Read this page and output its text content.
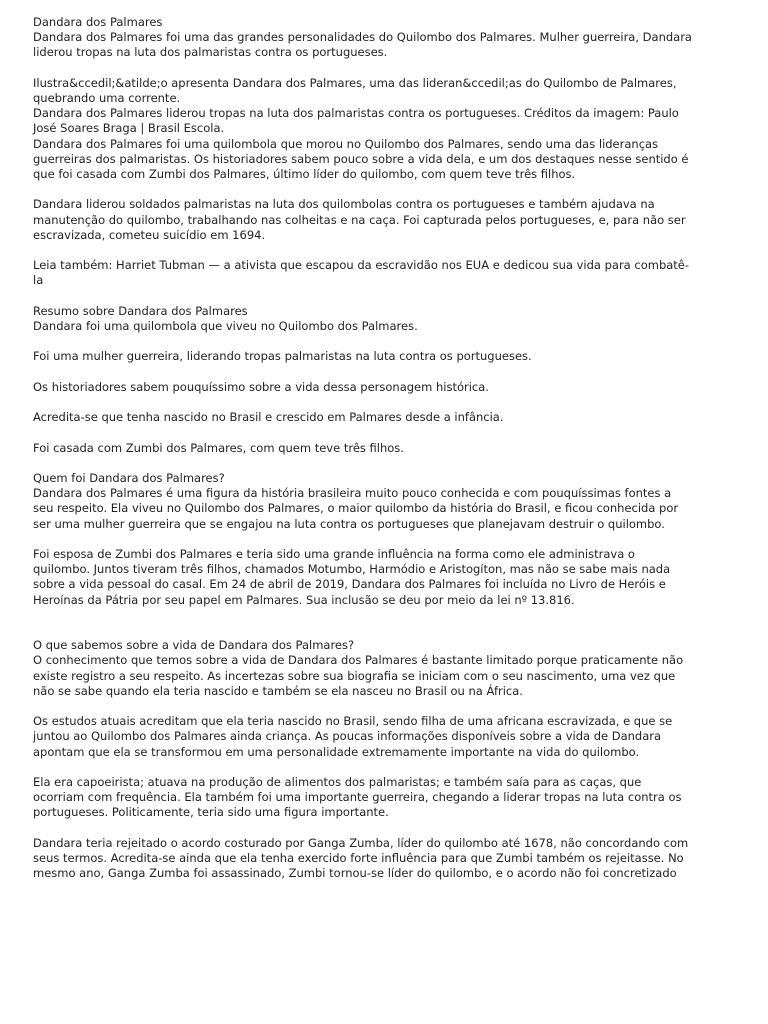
Dandara dos Palmares

Dandara dos Palmares foi uma das grandes personalidades do Quilombo dos Palmares. Mulher guerreira, Dandara liderou tropas na luta dos palmaristas contra os portugueses.

Ilustra&ccedil;&atilde;o apresenta Dandara dos Palmares, uma das lideran&ccedil;as do Quilombo de Palmares, quebrando uma corrente.

Dandara dos Palmares liderou tropas na luta dos palmaristas contra os portugueses. Créditos da imagem: Paulo José Soares Braga | Brasil Escola.

Dandara dos Palmares foi uma quilombola que morou no Quilombo dos Palmares, sendo uma das lideranças guerreiras dos palmaristas. Os historiadores sabem pouco sobre a vida dela, e um dos destaques nesse sentido é que foi casada com Zumbi dos Palmares, último líder do quilombo, com quem teve três filhos.

Dandara liderou soldados palmaristas na luta dos quilombolas contra os portugueses e também ajudava na manutenção do quilombo, trabalhando nas colheitas e na caça. Foi capturada pelos portugueses, e, para não ser escravizada, cometeu suicídio em 1694.

Leia também: Harriet Tubman — a ativista que escapou da escravidão nos EUA e dedicou sua vida para combatê-la

Resumo sobre Dandara dos Palmares

Dandara foi uma quilombola que viveu no Quilombo dos Palmares.

Foi uma mulher guerreira, liderando tropas palmaristas na luta contra os portugueses.

Os historiadores sabem pouquíssimo sobre a vida dessa personagem histórica.

Acredita-se que tenha nascido no Brasil e crescido em Palmares desde a infância.

Foi casada com Zumbi dos Palmares, com quem teve três filhos.

Quem foi Dandara dos Palmares?

Dandara dos Palmares é uma figura da história brasileira muito pouco conhecida e com pouquíssimas fontes a seu respeito. Ela viveu no Quilombo dos Palmares, o maior quilombo da história do Brasil, e ficou conhecida por ser uma mulher guerreira que se engajou na luta contra os portugueses que planejavam destruir o quilombo.

Foi esposa de Zumbi dos Palmares e teria sido uma grande influência na forma como ele administrava o quilombo. Juntos tiveram três filhos, chamados Motumbo, Harmódio e Aristogíton, mas não se sabe mais nada sobre a vida pessoal do casal. Em 24 de abril de 2019, Dandara dos Palmares foi incluída no Livro de Heróis e Heroínas da Pátria por seu papel em Palmares. Sua inclusão se deu por meio da lei nº 13.816.

O que sabemos sobre a vida de Dandara dos Palmares?

O conhecimento que temos sobre a vida de Dandara dos Palmares é bastante limitado porque praticamente não existe registro a seu respeito. As incertezas sobre sua biografia se iniciam com o seu nascimento, uma vez que não se sabe quando ela teria nascido e também se ela nasceu no Brasil ou na África.

Os estudos atuais acreditam que ela teria nascido no Brasil, sendo filha de uma africana escravizada, e que se juntou ao Quilombo dos Palmares ainda criança. As poucas informações disponíveis sobre a vida de Dandara apontam que ela se transformou em uma personalidade extremamente importante na vida do quilombo.

Ela era capoeirista; atuava na produção de alimentos dos palmaristas; e também saía para as caças, que ocorriam com frequência. Ela também foi uma importante guerreira, chegando a liderar tropas na luta contra os portugueses. Politicamente, teria sido uma figura importante.

Dandara teria rejeitado o acordo costurado por Ganga Zumba, líder do quilombo até 1678, não concordando com seus termos. Acredita-se ainda que ela tenha exercido forte influência para que Zumbi também os rejeitasse. No mesmo ano, Ganga Zumba foi assassinado, Zumbi tornou-se líder do quilombo, e o acordo não foi concretizado
